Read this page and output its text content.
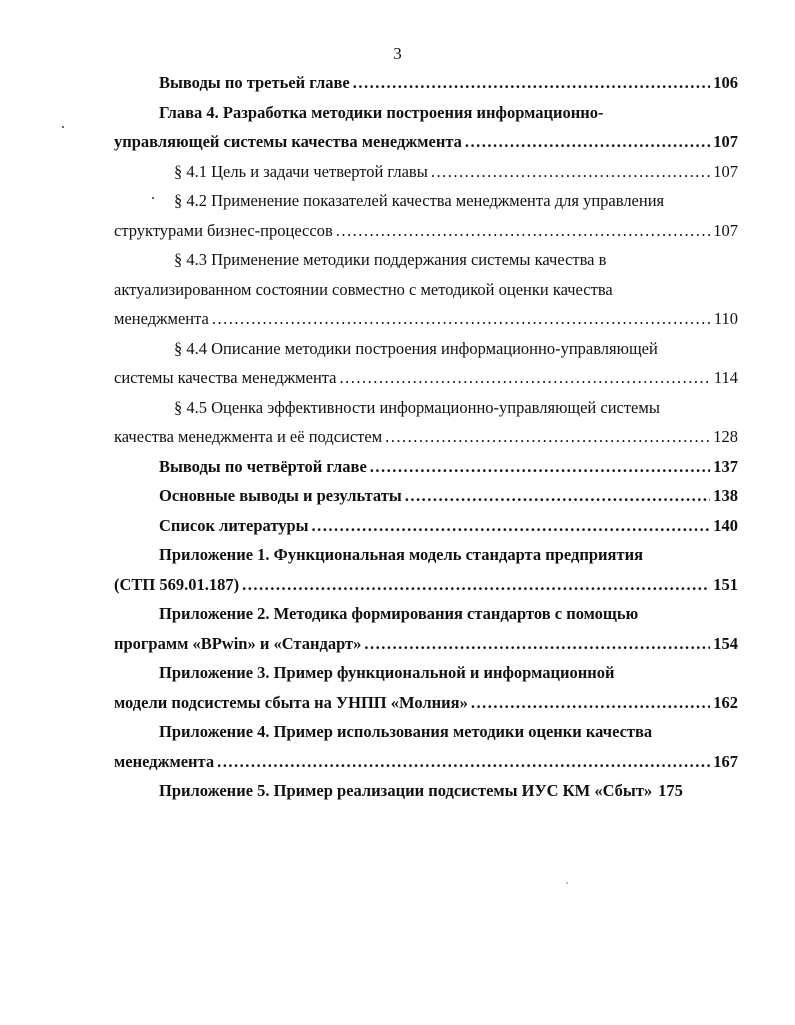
3
Выводы по третьей главе .....	106
Глава 4. Разработка методики построения информационно-
управляющей системы качества менеджмента .....	107
§ 4.1 Цель и задачи четвертой главы .....	107
§ 4.2 Применение показателей качества менеджмента для управления
структурами бизнес-процессов .....	107
§ 4.3 Применение методики поддержания системы качества в
актуализированном состоянии совместно с методикой оценки качества
менеджмента .....	110
§ 4.4 Описание методики построения информационно-управляющей
системы качества менеджмента .....	114
§ 4.5 Оценка эффективности информационно-управляющей системы
качества менеджмента и её подсистем .....	128
Выводы по четвёртой главе .....	137
Основные выводы и результаты .....	138
Список литературы .....	140
Приложение 1. Функциональная модель стандарта предприятия
(СТП 569.01.187) .....	151
Приложение 2. Методика формирования стандартов с помощью
программ «BPwin» и «Стандарт» .....	154
Приложение 3. Пример функциональной и информационной
модели подсистемы сбыта на УНПП «Молния» .....	162
Приложение 4. Пример использования методики оценки качества
менеджмента .....	167
Приложение 5. Пример реализации подсистемы ИУС КМ «Сбыт» 175
